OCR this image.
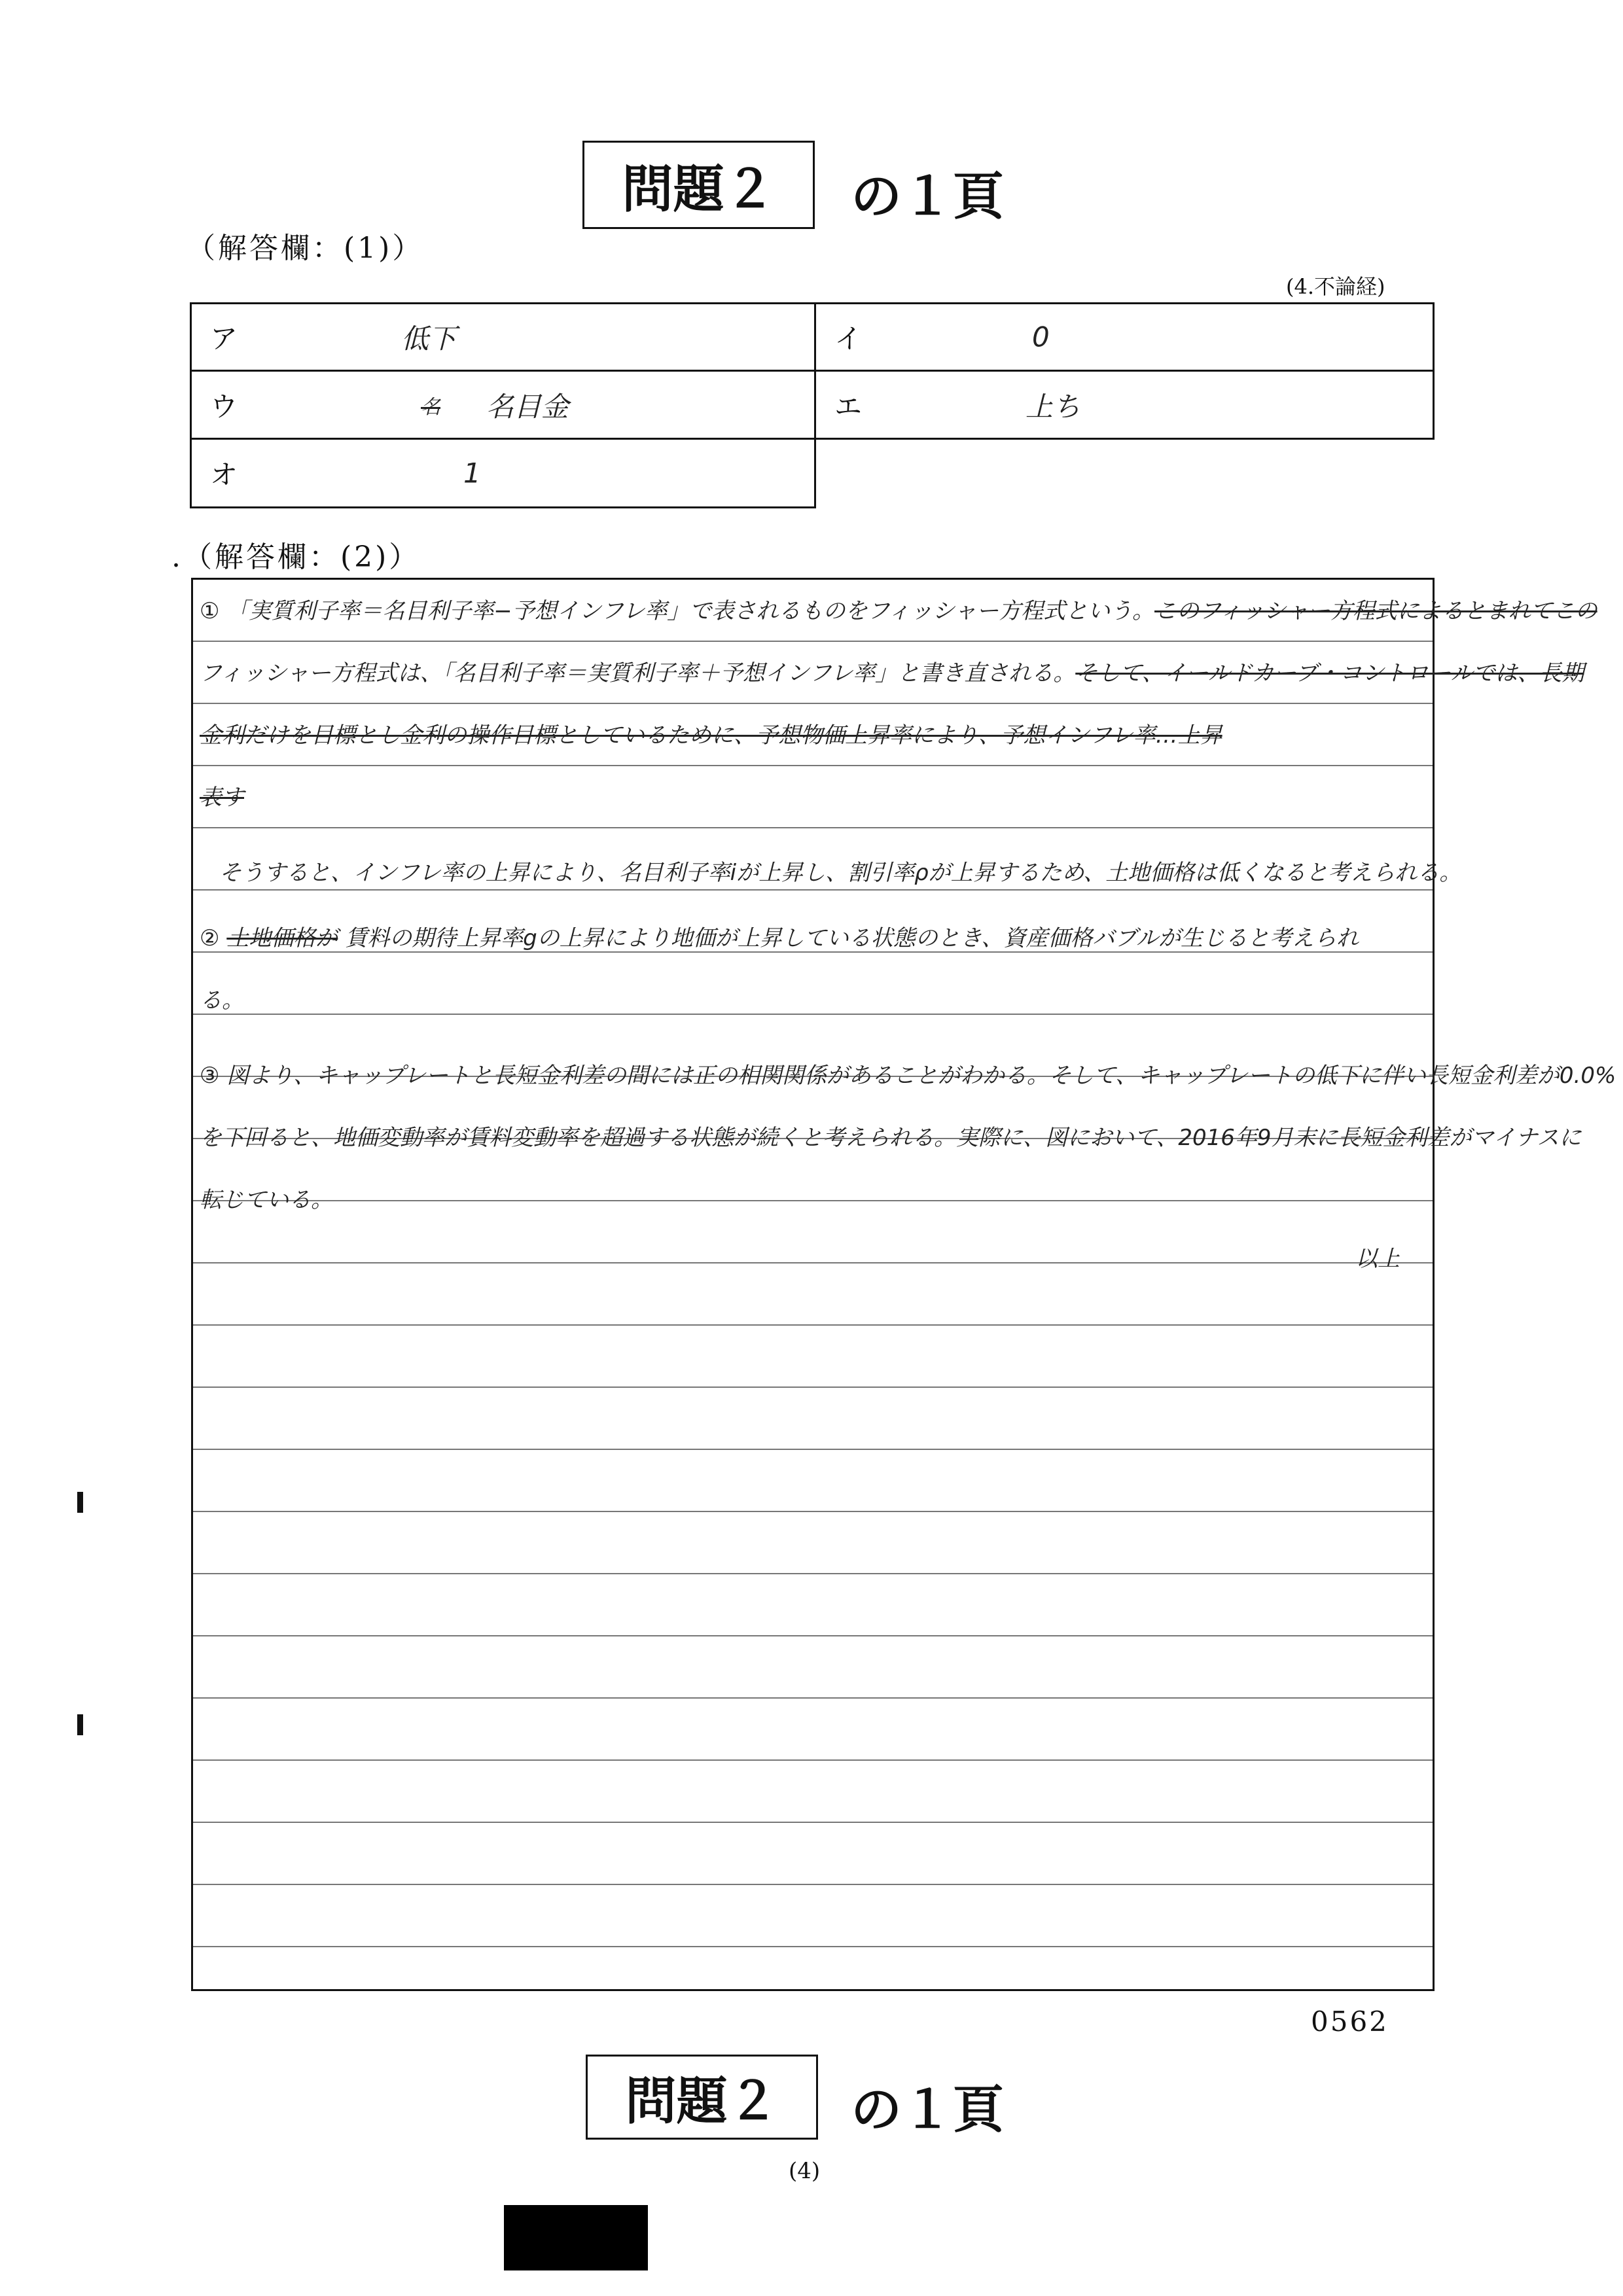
問題２ の１頁
（解答欄：(1)）
(4.不論経)
ア	低下	イ	0
ウ	名 名目金	エ	上ち
オ	1
.（解答欄：(2)）
① 「実質利子率＝名目利子率−予想インフレ率」で表されるものをフィッシャー方程式という。このフィッシャー方程式によるとまれてこの
フィッシャー方程式は、「名目利子率＝実質利子率＋予想インフレ率」と書き直される。そして、イールドカーブ・コントロールでは、長期
金利だけを目標とし金利の操作目標としているために、予想物価上昇率により、予想インフレ率…上昇
表す
そうすると、インフレ率の上昇により、名目利子率iが上昇し、割引率ρが上昇するため、土地価格は低くなると考えられる。
② 土地価格が 賃料の期待上昇率gの上昇により地価が上昇している状態のとき、資産価格バブルが生じると考えられ
る。
③ 図より、キャップレートと長短金利差の間には正の相関関係があることがわかる。そして、キャップレートの低下に伴い長短金利差が0.0%
を下回ると、地価変動率が賃料変動率を超過する状態が続くと考えられる。実際に、図において、2016年9月末に長短金利差がマイナスに
転じている。
以上
0562
問題２ の１頁
(4)
